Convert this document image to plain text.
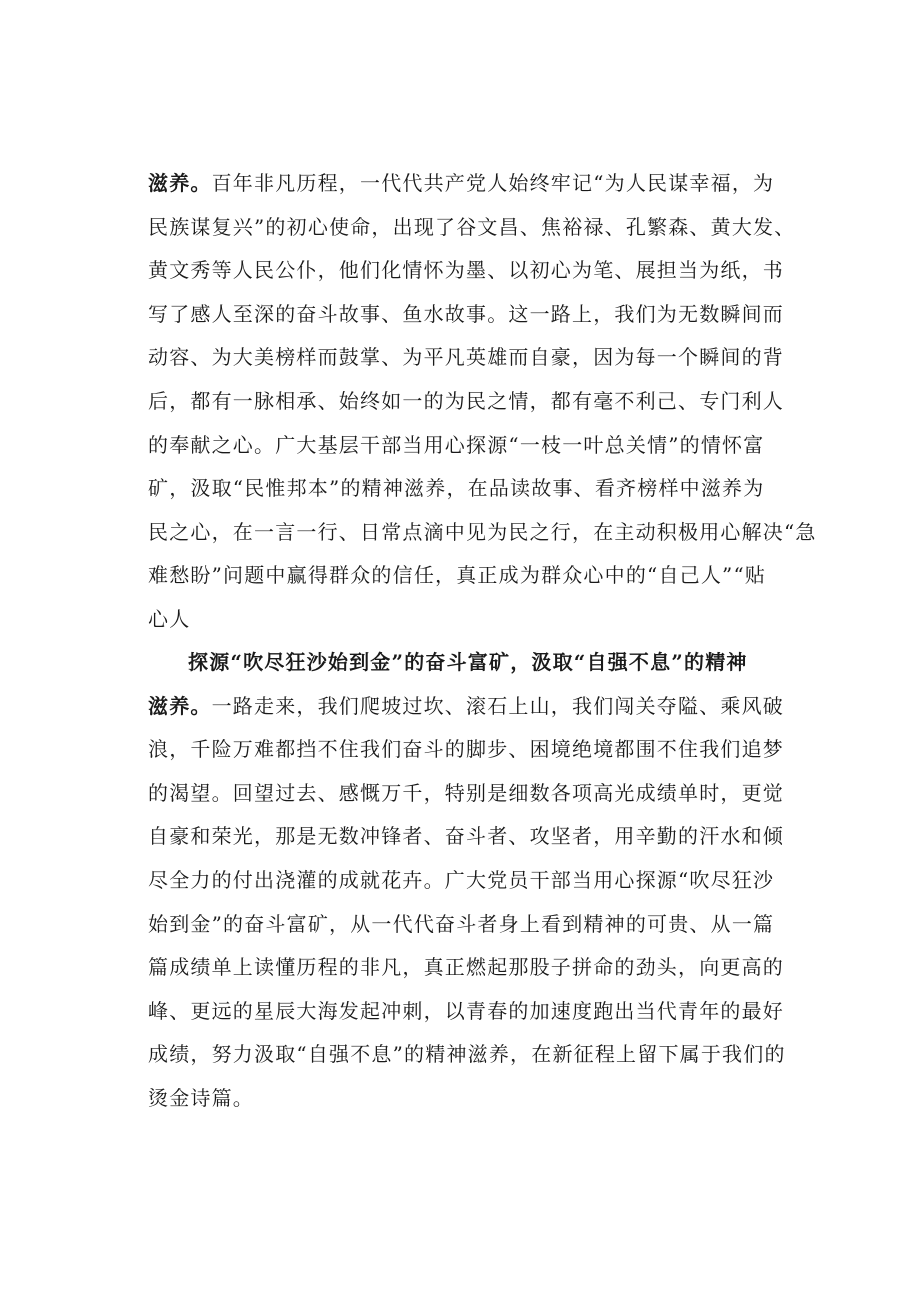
滋养。百年非凡历程，一代代共产党人始终牢记“为人民谋幸福，为
民族谋复兴”的初心使命，出现了谷文昌、焦裕禄、孔繁森、黄大发、
黄文秀等人民公仆，他们化情怀为墨、以初心为笔、展担当为纸，书
写了感人至深的奋斗故事、鱼水故事。这一路上，我们为无数瞬间而
动容、为大美榜样而鼓掌、为平凡英雄而自豪，因为每一个瞬间的背
后，都有一脉相承、始终如一的为民之情，都有毫不利己、专门利人
的奉献之心。广大基层干部当用心探源“一枝一叶总关情”的情怀富
矿，汲取“民惟邦本”的精神滋养，在品读故事、看齐榜样中滋养为
民之心，在一言一行、日常点滴中见为民之行，在主动积极用心解决“急
难愁盼”问题中赢得群众的信任，真正成为群众心中的“自己人”“贴
心人
探源“吹尽狂沙始到金”的奋斗富矿，汲取“自强不息”的精神
滋养。一路走来，我们爬坡过坎、滚石上山，我们闯关夺隘、乘风破
浪，千险万难都挡不住我们奋斗的脚步、困境绝境都围不住我们追梦
的渴望。回望过去、感慨万千，特别是细数各项高光成绩单时，更觉
自豪和荣光，那是无数冲锋者、奋斗者、攻坚者，用辛勤的汗水和倾
尽全力的付出浇灌的成就花卉。广大党员干部当用心探源“吹尽狂沙
始到金”的奋斗富矿，从一代代奋斗者身上看到精神的可贵、从一篇
篇成绩单上读懂历程的非凡，真正燃起那股子拼命的劲头，向更高的
峰、更远的星辰大海发起冲刺，以青春的加速度跑出当代青年的最好
成绩，努力汲取“自强不息”的精神滋养，在新征程上留下属于我们的
烫金诗篇。
